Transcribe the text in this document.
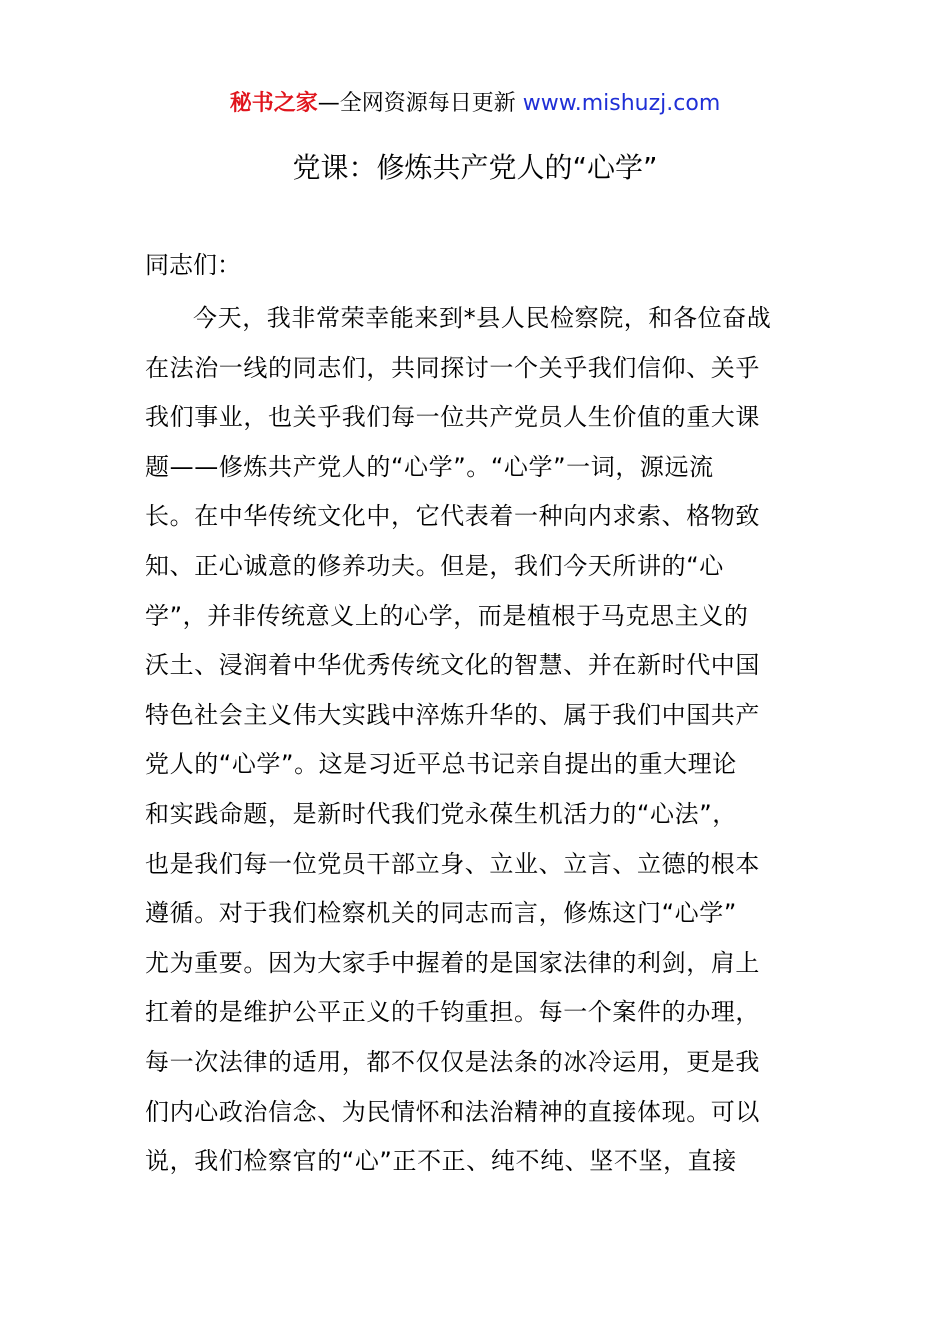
秘书之家—全网资源每日更新 www.mishuzj.com
党课：修炼共产党人的“心学”
同志们：
今天，我非常荣幸能来到*县人民检察院，和各位奋战
在法治一线的同志们，共同探讨一个关乎我们信仰、关乎
我们事业，也关乎我们每一位共产党员人生价值的重大课
题——修炼共产党人的“心学”。“心学”一词，源远流
长。在中华传统文化中，它代表着一种向内求索、格物致
知、正心诚意的修养功夫。但是，我们今天所讲的“心
学”，并非传统意义上的心学，而是植根于马克思主义的
沃土、浸润着中华优秀传统文化的智慧、并在新时代中国
特色社会主义伟大实践中淬炼升华的、属于我们中国共产
党人的“心学”。这是习近平总书记亲自提出的重大理论
和实践命题，是新时代我们党永葆生机活力的“心法”，
也是我们每一位党员干部立身、立业、立言、立德的根本
遵循。对于我们检察机关的同志而言，修炼这门“心学”
尤为重要。因为大家手中握着的是国家法律的利剑，肩上
扛着的是维护公平正义的千钧重担。每一个案件的办理，
每一次法律的适用，都不仅仅是法条的冰冷运用，更是我
们内心政治信念、为民情怀和法治精神的直接体现。可以
说，我们检察官的“心”正不正、纯不纯、坚不坚，直接
